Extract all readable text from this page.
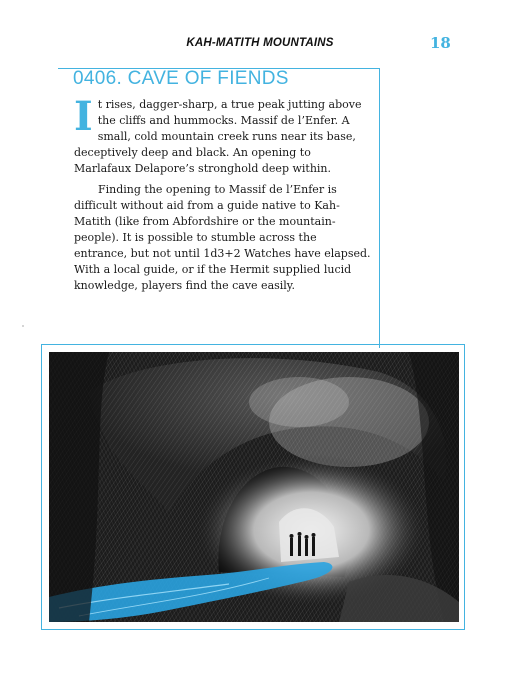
KAH-MATITH MOUNTAINS	18
0406. CAVE OF FIENDS

It rises, dagger-sharp, a true peak jutting above the cliffs and hummocks. Massif de l’Enfer. A small, cold mountain creek runs near its base, deceptively deep and black. An opening to Marlafaux Delapore’s stronghold deep within.

Finding the opening to Massif de l’Enfer is difficult without aid from a guide native to Kah-Matith (like from Abfordshire or the mountain-people). It is possible to stumble across the entrance, but not until 1d3+2 Watches have elapsed. With a local guide, or if the Hermit supplied lucid knowledge, players find the cave easily.
